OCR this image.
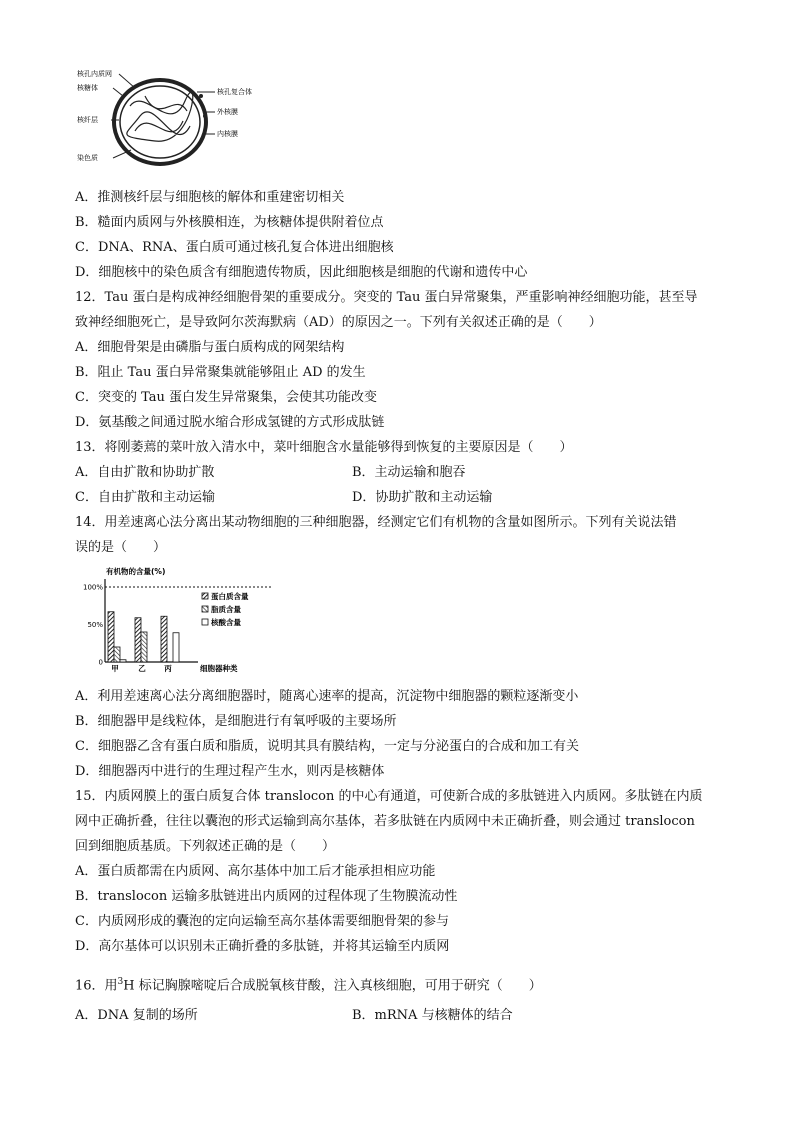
核孔内质网
核糖体
核纤层
核孔复合体
外核膜
内核膜
染色质
A．推测核纤层与细胞核的解体和重建密切相关
B．糙面内质网与外核膜相连，为核糖体提供附着位点
C．DNA、RNA、蛋白质可通过核孔复合体进出细胞核
D．细胞核中的染色质含有细胞遗传物质，因此细胞核是细胞的代谢和遗传中心
12．Tau 蛋白是构成神经细胞骨架的重要成分。突变的 Tau 蛋白异常聚集，严重影响神经细胞功能，甚至导
致神经细胞死亡，是导致阿尔茨海默病（AD）的原因之一。下列有关叙述正确的是（　　）
A．细胞骨架是由磷脂与蛋白质构成的网架结构
B．阻止 Tau 蛋白异常聚集就能够阻止 AD 的发生
C．突变的 Tau 蛋白发生异常聚集，会使其功能改变
D．氨基酸之间通过脱水缩合形成氢键的方式形成肽链
13．将刚萎蔫的菜叶放入清水中，菜叶细胞含水量能够得到恢复的主要原因是（　　）
A．自由扩散和协助扩散	B．主动运输和胞吞
C．自由扩散和主动运输	D．协助扩散和主动运输
14．用差速离心法分离出某动物细胞的三种细胞器，经测定它们有机物的含量如图所示。下列有关说法错
误的是（　　）
有机物的含量(%)
100%
50%
0
甲	乙 丙	细胞器种类
蛋白质含量
脂质含量
核酸含量
A．利用差速离心法分离细胞器时，随离心速率的提高，沉淀物中细胞器的颗粒逐渐变小
B．细胞器甲是线粒体，是细胞进行有氧呼吸的主要场所
C．细胞器乙含有蛋白质和脂质，说明其具有膜结构，一定与分泌蛋白的合成和加工有关
D．细胞器丙中进行的生理过程产生水，则丙是核糖体
15．内质网膜上的蛋白质复合体 translocon 的中心有通道，可使新合成的多肽链进入内质网。多肽链在内质
网中正确折叠，往往以囊泡的形式运输到高尔基体，若多肽链在内质网中未正确折叠，则会通过 translocon
回到细胞质基质。下列叙述正确的是（　　）
A．蛋白质都需在内质网、高尔基体中加工后才能承担相应功能
B．translocon 运输多肽链进出内质网的过程体现了生物膜流动性
C．内质网形成的囊泡的定向运输至高尔基体需要细胞骨架的参与
D．高尔基体可以识别未正确折叠的多肽链，并将其运输至内质网
16．用$^3$H 标记胸腺嘧啶后合成脱氧核苷酸，注入真核细胞，可用于研究（　　）
A．DNA 复制的场所	B．mRNA 与核糖体的结合
